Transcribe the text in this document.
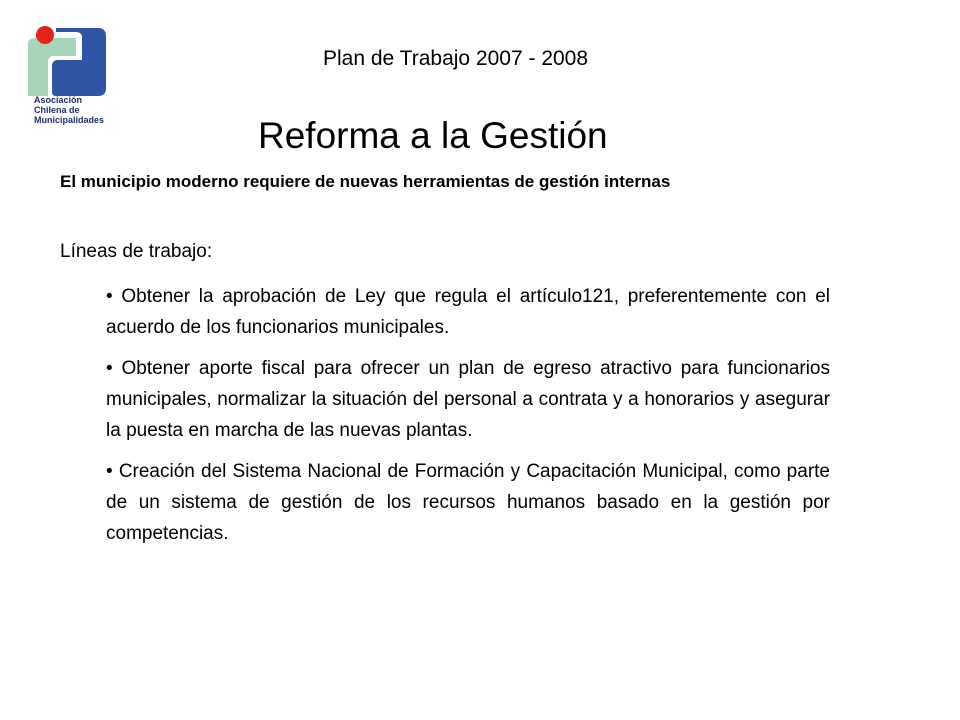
Asociación
Chilena de
Municipalidades
Plan de Trabajo 2007 - 2008
Reforma a la Gestión
El municipio moderno requiere de nuevas herramientas de gestión internas
Líneas de trabajo:

• Obtener la aprobación de Ley que regula el artículo121, preferentemente con el acuerdo de los funcionarios municipales.

• Obtener aporte fiscal para ofrecer un plan de egreso atractivo para funcionarios municipales, normalizar la situación del personal a contrata y a honorarios y asegurar la puesta en marcha de las nuevas plantas.

• Creación del Sistema Nacional de Formación y Capacitación Municipal, como parte de un sistema de gestión de los recursos humanos basado en la gestión por competencias.
